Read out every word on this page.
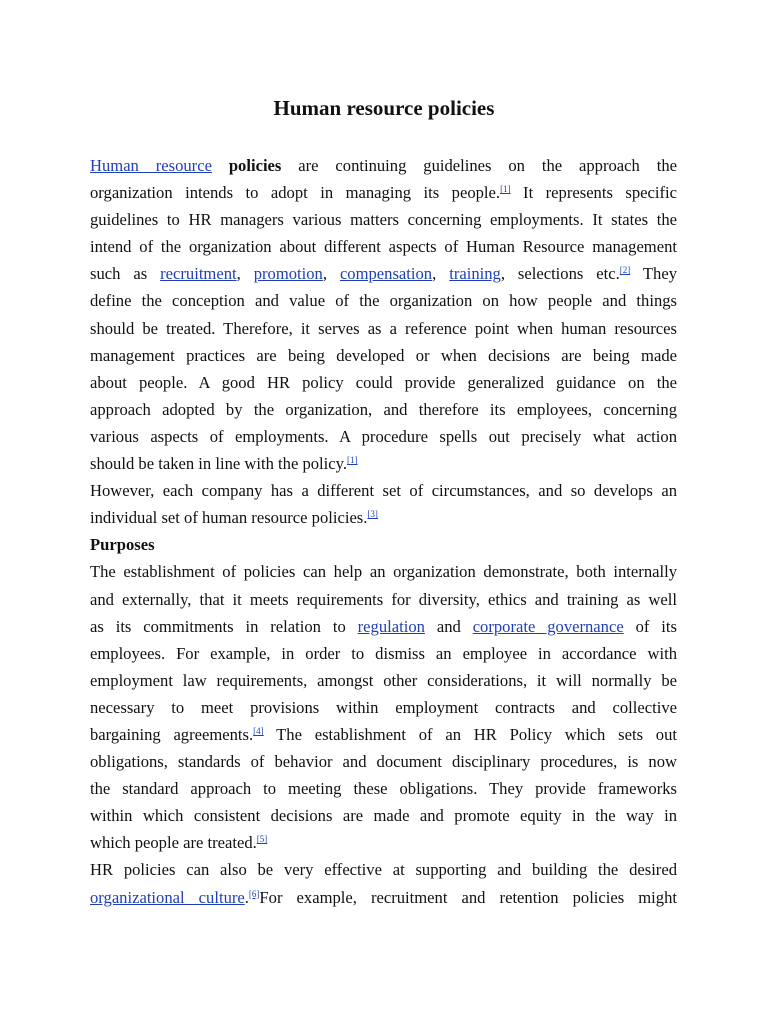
Human resource policies

Human resource policies are continuing guidelines on the approach the

organization intends to adopt in managing its people.[1] It represents specific

guidelines to HR managers various matters concerning employments. It states the

intend of the organization about different aspects of Human Resource management

such as recruitment, promotion, compensation, training, selections etc.[2] They

define the conception and value of the organization on how people and things

should be treated. Therefore, it serves as a reference point when human resources

management practices are being developed or when decisions are being made

about people. A good HR policy could provide generalized guidance on the

approach adopted by the organization, and therefore its employees, concerning

various aspects of employments. A procedure spells out precisely what action

should be taken in line with the policy.[1]

However, each company has a different set of circumstances, and so develops an

individual set of human resource policies.[3]

Purposes

The establishment of policies can help an organization demonstrate, both internally

and externally, that it meets requirements for diversity, ethics and training as well

as its commitments in relation to regulation and corporate governance of its

employees. For example, in order to dismiss an employee in accordance with

employment law requirements, amongst other considerations, it will normally be

necessary to meet provisions within employment contracts and collective

bargaining agreements.[4] The establishment of an HR Policy which sets out

obligations, standards of behavior and document disciplinary procedures, is now

the standard approach to meeting these obligations. They provide frameworks

within which consistent decisions are made and promote equity in the way in

which people are treated.[5]

HR policies can also be very effective at supporting and building the desired

organizational culture.[6]For example, recruitment and retention policies might
